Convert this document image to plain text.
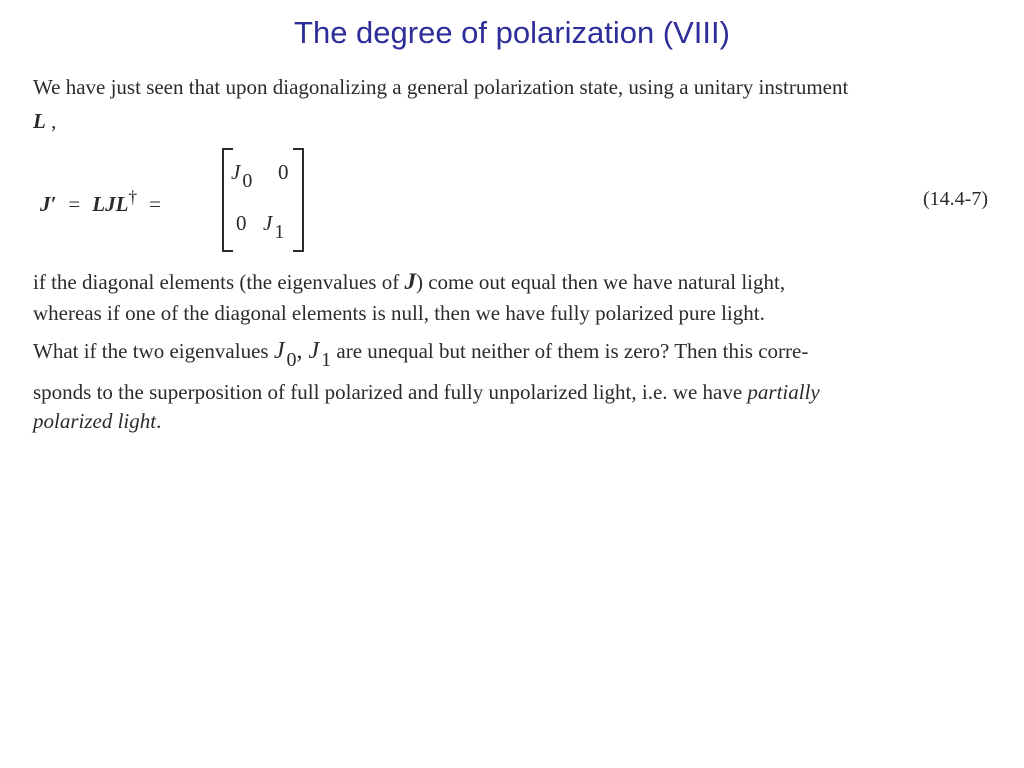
The degree of polarization (VIII)
We have just seen that upon diagonalizing a general polarization state, using a unitary instrument
L ,
J′ = LJL† =
J 0 0
0 J 1
(14.4-7)
if the diagonal elements (the eigenvalues of J) come out equal then we have natural light,
whereas if one of the diagonal elements is null, then we have fully polarized pure light.
What if the two eigenvalues J $_0$, J $_1$ are unequal but neither of them is zero? Then this corre-
sponds to the superposition of full polarized and fully unpolarized light, i.e. we have partially
polarized light.
